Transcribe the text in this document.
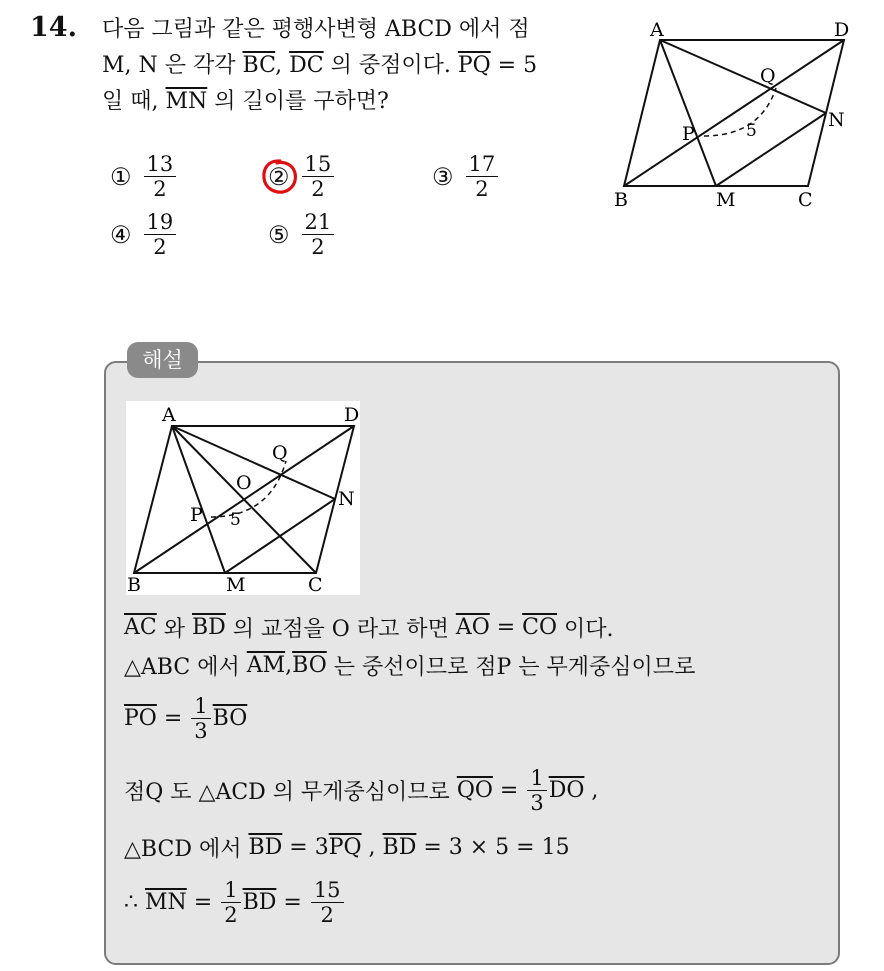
14. 다음 그림과 같은 평행사변형 ABCD 에서 점
M, N 은 각각 $\overline{BC}$, $\overline{DC}$ 의 중점이다. $\overline{PQ} = 5$
일 때, $\overline{MN}$ 의 길이를 구하면?
① $\frac{13}{2}$	② $\frac{15}{2}$	③ $\frac{17}{2}$
④ $\frac{19}{2}$	⑤ $\frac{21}{2}$
A	D
B	M	C
N
P
Q
5
해설
A	D
B	M	C
N
P
O
Q
5
$\overline{AC}$ 와 $\overline{BD}$ 의 교점을 O 라고 하면 $\overline{AO} = \overline{CO}$ 이다.
△ABC 에서 $\overline{AM}$ , $\overline{BO}$ 는 중선이므로 점P 는 무게중심이므로
$\overline{PO} = \frac{1}{3} \overline{BO}$
점Q 도 △ACD 의 무게중심이므로 $\overline{QO} = \frac{1}{3} \overline{DO}$ ,
△BCD 에서 $\overline{BD} = 3$ $\overline{PQ}$ , $\overline{BD} = 3 \times 5 = 15$
∴ $\overline{MN} = \frac{1}{2} \overline{BD} = \frac{15}{2}$
